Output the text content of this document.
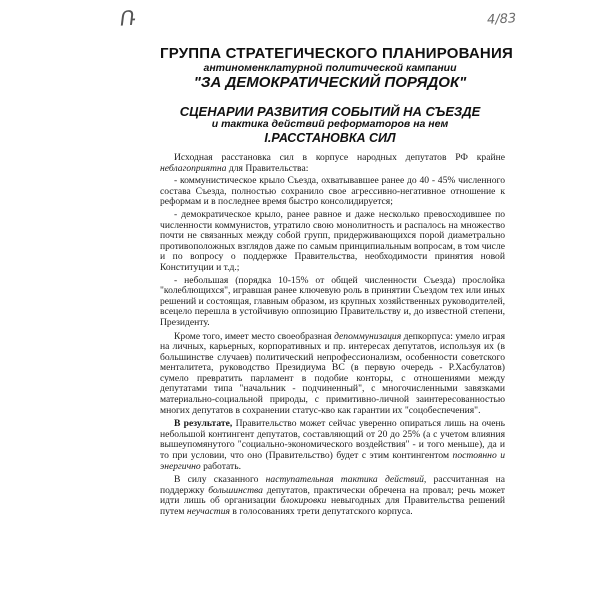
Ռ	4/83
ГРУППА СТРАТЕГИЧЕСКОГО ПЛАНИРОВАНИЯ
антиноменклатурной политической кампании
"ЗА ДЕМОКРАТИЧЕСКИЙ ПОРЯДОК"
СЦЕНАРИИ РАЗВИТИЯ СОБЫТИЙ НА СЪЕЗДЕ
и тактика действий реформаторов на нем
I.РАССТАНОВКА СИЛ

Исходная расстановка сил в корпусе народных депутатов РФ крайне неблагоприятна для Правительства:

- коммунистическое крыло Съезда, охватывавшее ранее до 40 - 45% численного состава Съезда, полностью сохранило свое агрессивно-негативное отношение к реформам и в последнее время быстро консолидируется;

- демократическое крыло, ранее равное и даже несколько превосходившее по численности коммунистов, утратило свою монолитность и распалось на множество почти не связанных между собой групп, придерживающихся порой диаметрально противоположных взглядов даже по самым принципиальным вопросам, в том числе и по вопросу о поддержке Правительства, необходимости принятия новой Конституции и т.д.;

- небольшая (порядка 10-15% от общей численности Съезда) прослойка "колеблющихся", игравшая ранее ключевую роль в принятии Съездом тех или иных решений и состоящая, главным образом, из крупных хозяйственных руководителей, всецело перешла в устойчивую оппозицию Правительству и, до известной степени, Президенту.

Кроме того, имеет место своеобразная депоммунизация депкорпуса: умело играя на личных, карьерных, корпоративных и пр. интересах депутатов, используя их (в большинстве случаев) политический непрофессионализм, особенности советского менталитета, руководство Президиума ВС (в первую очередь - Р.Хасбулатов) сумело превратить парламент в подобие конторы, с отношениями между депутатами типа "начальник - подчиненный", с многочисленными завязками материально-социальной природы, с примитивно-личной заинтересованностью многих депутатов в сохранении статус-кво как гарантии их "соцобеспечения".

В результате, Правительство может сейчас уверенно опираться лишь на очень небольшой контингент депутатов, составляющий от 20 до 25% (а с учетом влияния вышеупомянутого "социально-экономического воздействия" - и того меньше), да и то при условии, что оно (Правительство) будет с этим контингентом постоянно и энергично работать.

В силу сказанного наступательная тактика действий, рассчитанная на поддержку большинства депутатов, практически обречена на провал; речь может идти лишь об организации блокировки невыгодных для Правительства решений путем неучастия в голосованиях трети депутатского корпуса.
